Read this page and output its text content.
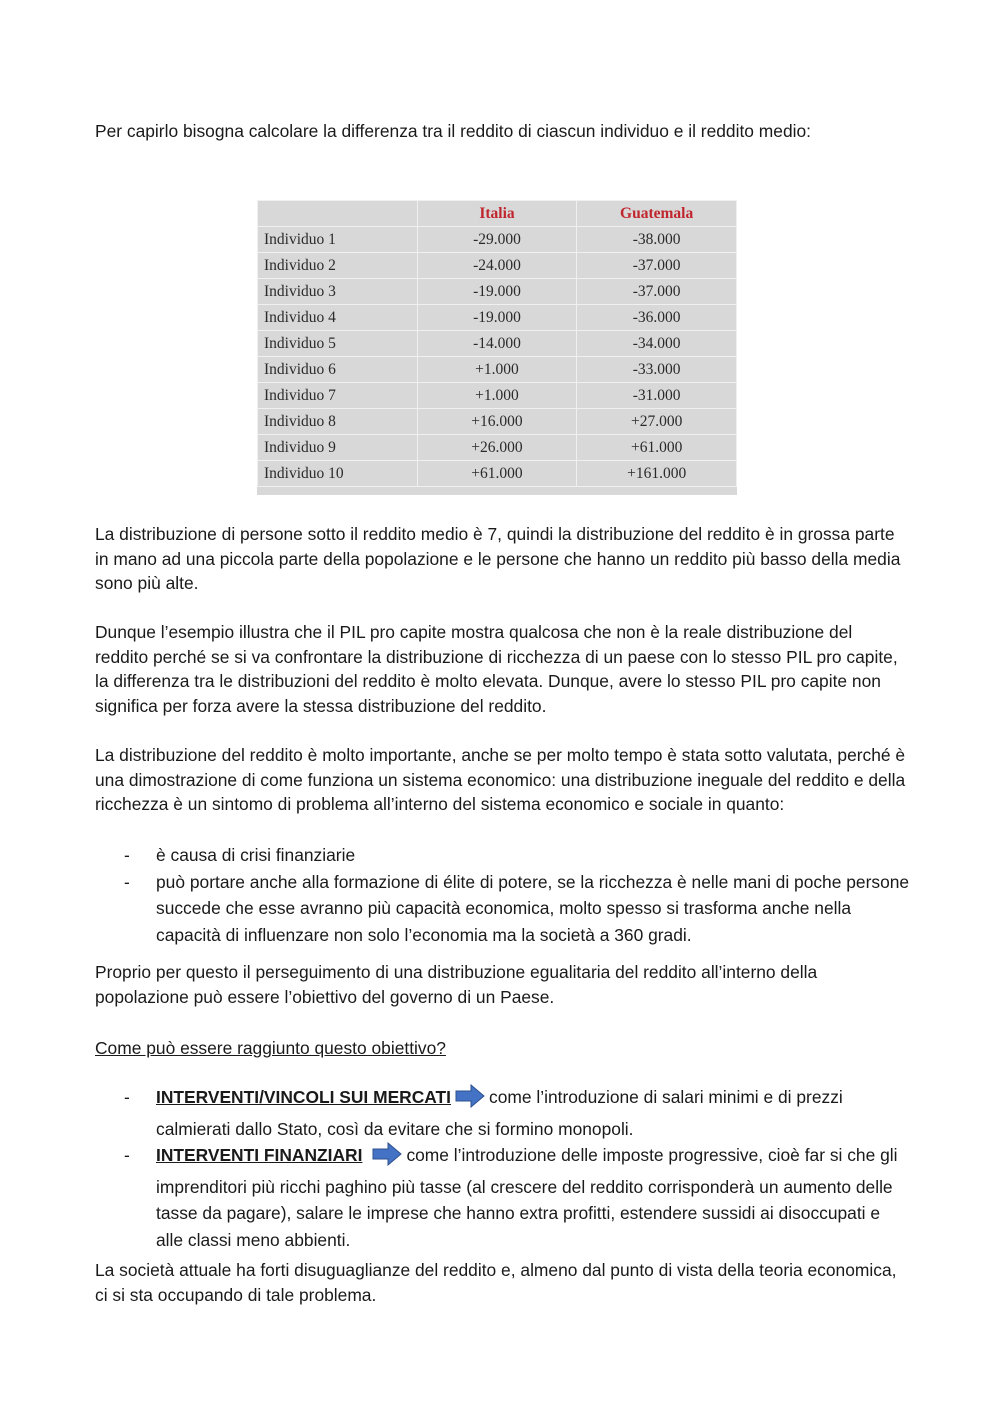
Per capirlo bisogna calcolare la differenza tra il reddito di ciascun individuo e il reddito medio:

	Italia	Guatemala
Individuo 1	-29.000	-38.000
Individuo 2	-24.000	-37.000
Individuo 3	-19.000	-37.000
Individuo 4	-19.000	-36.000
Individuo 5	-14.000	-34.000
Individuo 6	+1.000	-33.000
Individuo 7	+1.000	-31.000
Individuo 8	+16.000	+27.000
Individuo 9	+26.000	+61.000
Individuo 10	+61.000	+161.000

La distribuzione di persone sotto il reddito medio è 7, quindi la distribuzione del reddito è in grossa parte in mano ad una piccola parte della popolazione e le persone che hanno un reddito più basso della media sono più alte.

Dunque l’esempio illustra che il PIL pro capite mostra qualcosa che non è la reale distribuzione del reddito perché se si va confrontare la distribuzione di ricchezza di un paese con lo stesso PIL pro capite, la differenza tra le distribuzioni del reddito è molto elevata. Dunque, avere lo stesso PIL pro capite non significa per forza avere la stessa distribuzione del reddito.

La distribuzione del reddito è molto importante, anche se per molto tempo è stata sotto valutata, perché è una dimostrazione di come funziona un sistema economico: una distribuzione ineguale del reddito e della ricchezza è un sintomo di problema all’interno del sistema economico e sociale in quanto:

- è causa di crisi finanziarie
- può portare anche alla formazione di élite di potere, se la ricchezza è nelle mani di poche persone succede che esse avranno più capacità economica, molto spesso si trasforma anche nella capacità di influenzare non solo l’economia ma la società a 360 gradi.

Proprio per questo il perseguimento di una distribuzione egualitaria del reddito all’interno della popolazione può essere l’obiettivo del governo di un Paese.

Come può essere raggiunto questo obiettivo?

- INTERVENTI/VINCOLI SUI MERCATI come l’introduzione di salari minimi e di prezzi calmierati dallo Stato, così da evitare che si formino monopoli.
- INTERVENTI FINANZIARI	come l’introduzione delle imposte progressive, cioè far si che gli imprenditori più ricchi paghino più tasse (al crescere del reddito corrisponderà un aumento delle tasse da pagare), salare le imprese che hanno extra profitti, estendere sussidi ai disoccupati e alle classi meno abbienti.

La società attuale ha forti disuguaglianze del reddito e, almeno dal punto di vista della teoria economica, ci si sta occupando di tale problema.
